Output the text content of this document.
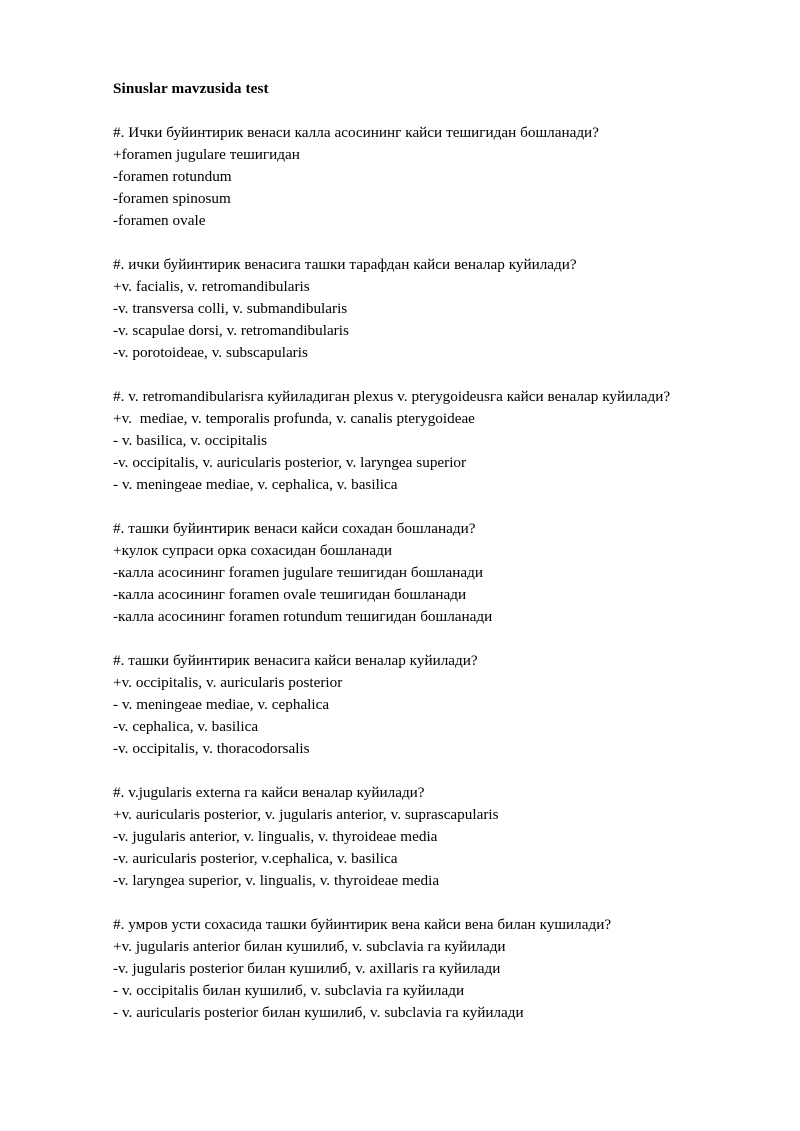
Sinuslar mavzusida test

#. Ички буйинтирик венаси калла асосининг кайси тешигидан бошланади?

+foramen jugulare тешигидан

-foramen rotundum

-foramen spinosum

-foramen ovale

#. ички буйинтирик венасига ташки тарафдан кайси веналар куйилади?

+v. facialis, v. retromandibularis

-v. transversa colli, v. submandibularis

-v. scapulae dorsi, v. retromandibularis

-v. porotoideae, v. subscapularis

#. v. retromandibularisга куйиладиган plexus v. pterygoideusга кайси веналар куйилади?

+v.  mediae, v. temporalis profunda, v. canalis pterygoideae

- v. basilica, v. occipitalis

-v. occipitalis, v. auricularis posterior, v. laryngea superior

- v. meningeae mediae, v. cephalica, v. basilica

#. ташки буйинтирик венаси кайси сохадан бошланади?

+кулок супраси орка сохасидан бошланади

-калла асосининг foramen jugulare тешигидан бошланади

-калла асосининг foramen ovale тешигидан бошланади

-калла асосининг foramen rotundum тешигидан бошланади

#. ташки буйинтирик венасига кайси веналар куйилади?

+v. occipitalis, v. auricularis posterior

- v. meningeae mediae, v. cephalica

-v. cephalica, v. basilica

-v. occipitalis, v. thoracodorsalis

#. v.jugularis externa га кайси веналар куйилади?

+v. auricularis posterior, v. jugularis anterior, v. suprascapularis

-v. jugularis anterior, v. lingualis, v. thyroideae media

-v. auricularis posterior, v.cephalica, v. basilica

-v. laryngea superior, v. lingualis, v. thyroideae media

#. умров усти сохасида ташки буйинтирик вена кайси вена билан кушилади?

+v. jugularis anterior билан кушилиб, v. subclavia га куйилади

-v. jugularis posterior билан кушилиб, v. axillaris га куйилади

- v. occipitalis билан кушилиб, v. subclavia га куйилади

- v. auricularis posterior билан кушилиб, v. subclavia га куйилади
